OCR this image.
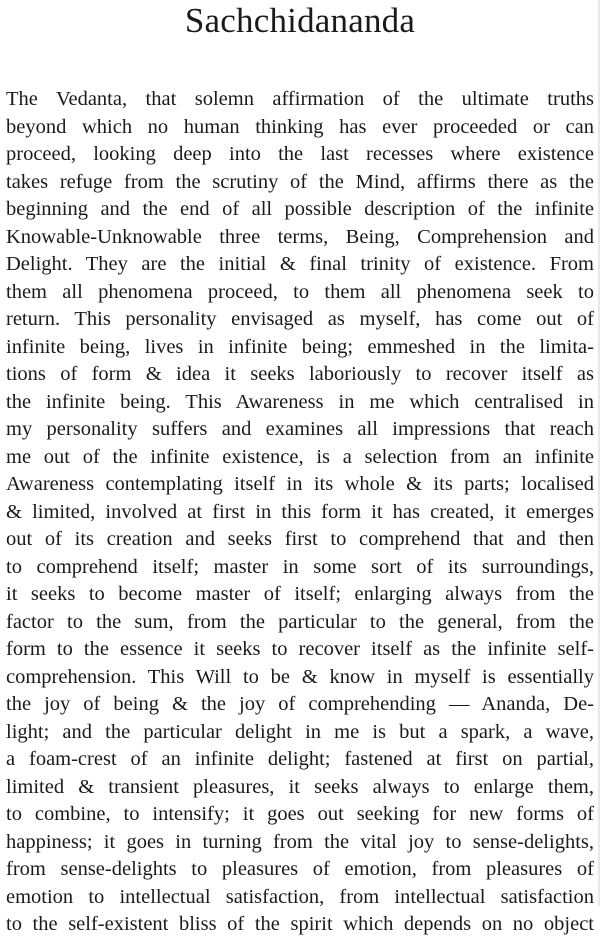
Sachchidananda
The Vedanta, that solemn affirmation of the ultimate truths
beyond which no human thinking has ever proceeded or can
proceed, looking deep into the last recesses where existence
takes refuge from the scrutiny of the Mind, affirms there as the
beginning and the end of all possible description of the infinite
Knowable-Unknowable three terms, Being, Comprehension and
Delight. They are the initial & final trinity of existence. From
them all phenomena proceed, to them all phenomena seek to
return. This personality envisaged as myself, has come out of
infinite being, lives in infinite being; emmeshed in the limita-
tions of form & idea it seeks laboriously to recover itself as
the infinite being. This Awareness in me which centralised in
my personality suffers and examines all impressions that reach
me out of the infinite existence, is a selection from an infinite
Awareness contemplating itself in its whole & its parts; localised
& limited, involved at first in this form it has created, it emerges
out of its creation and seeks first to comprehend that and then
to comprehend itself; master in some sort of its surroundings,
it seeks to become master of itself; enlarging always from the
factor to the sum, from the particular to the general, from the
form to the essence it seeks to recover itself as the infinite self-
comprehension. This Will to be & know in myself is essentially
the joy of being & the joy of comprehending — Ananda, De-
light; and the particular delight in me is but a spark, a wave,
a foam-crest of an infinite delight; fastened at first on partial,
limited & transient pleasures, it seeks always to enlarge them,
to combine, to intensify; it goes out seeking for new forms of
happiness; it goes in turning from the vital joy to sense-delights,
from sense-delights to pleasures of emotion, from pleasures of
emotion to intellectual satisfaction, from intellectual satisfaction
to the self-existent bliss of the spirit which depends on no object
